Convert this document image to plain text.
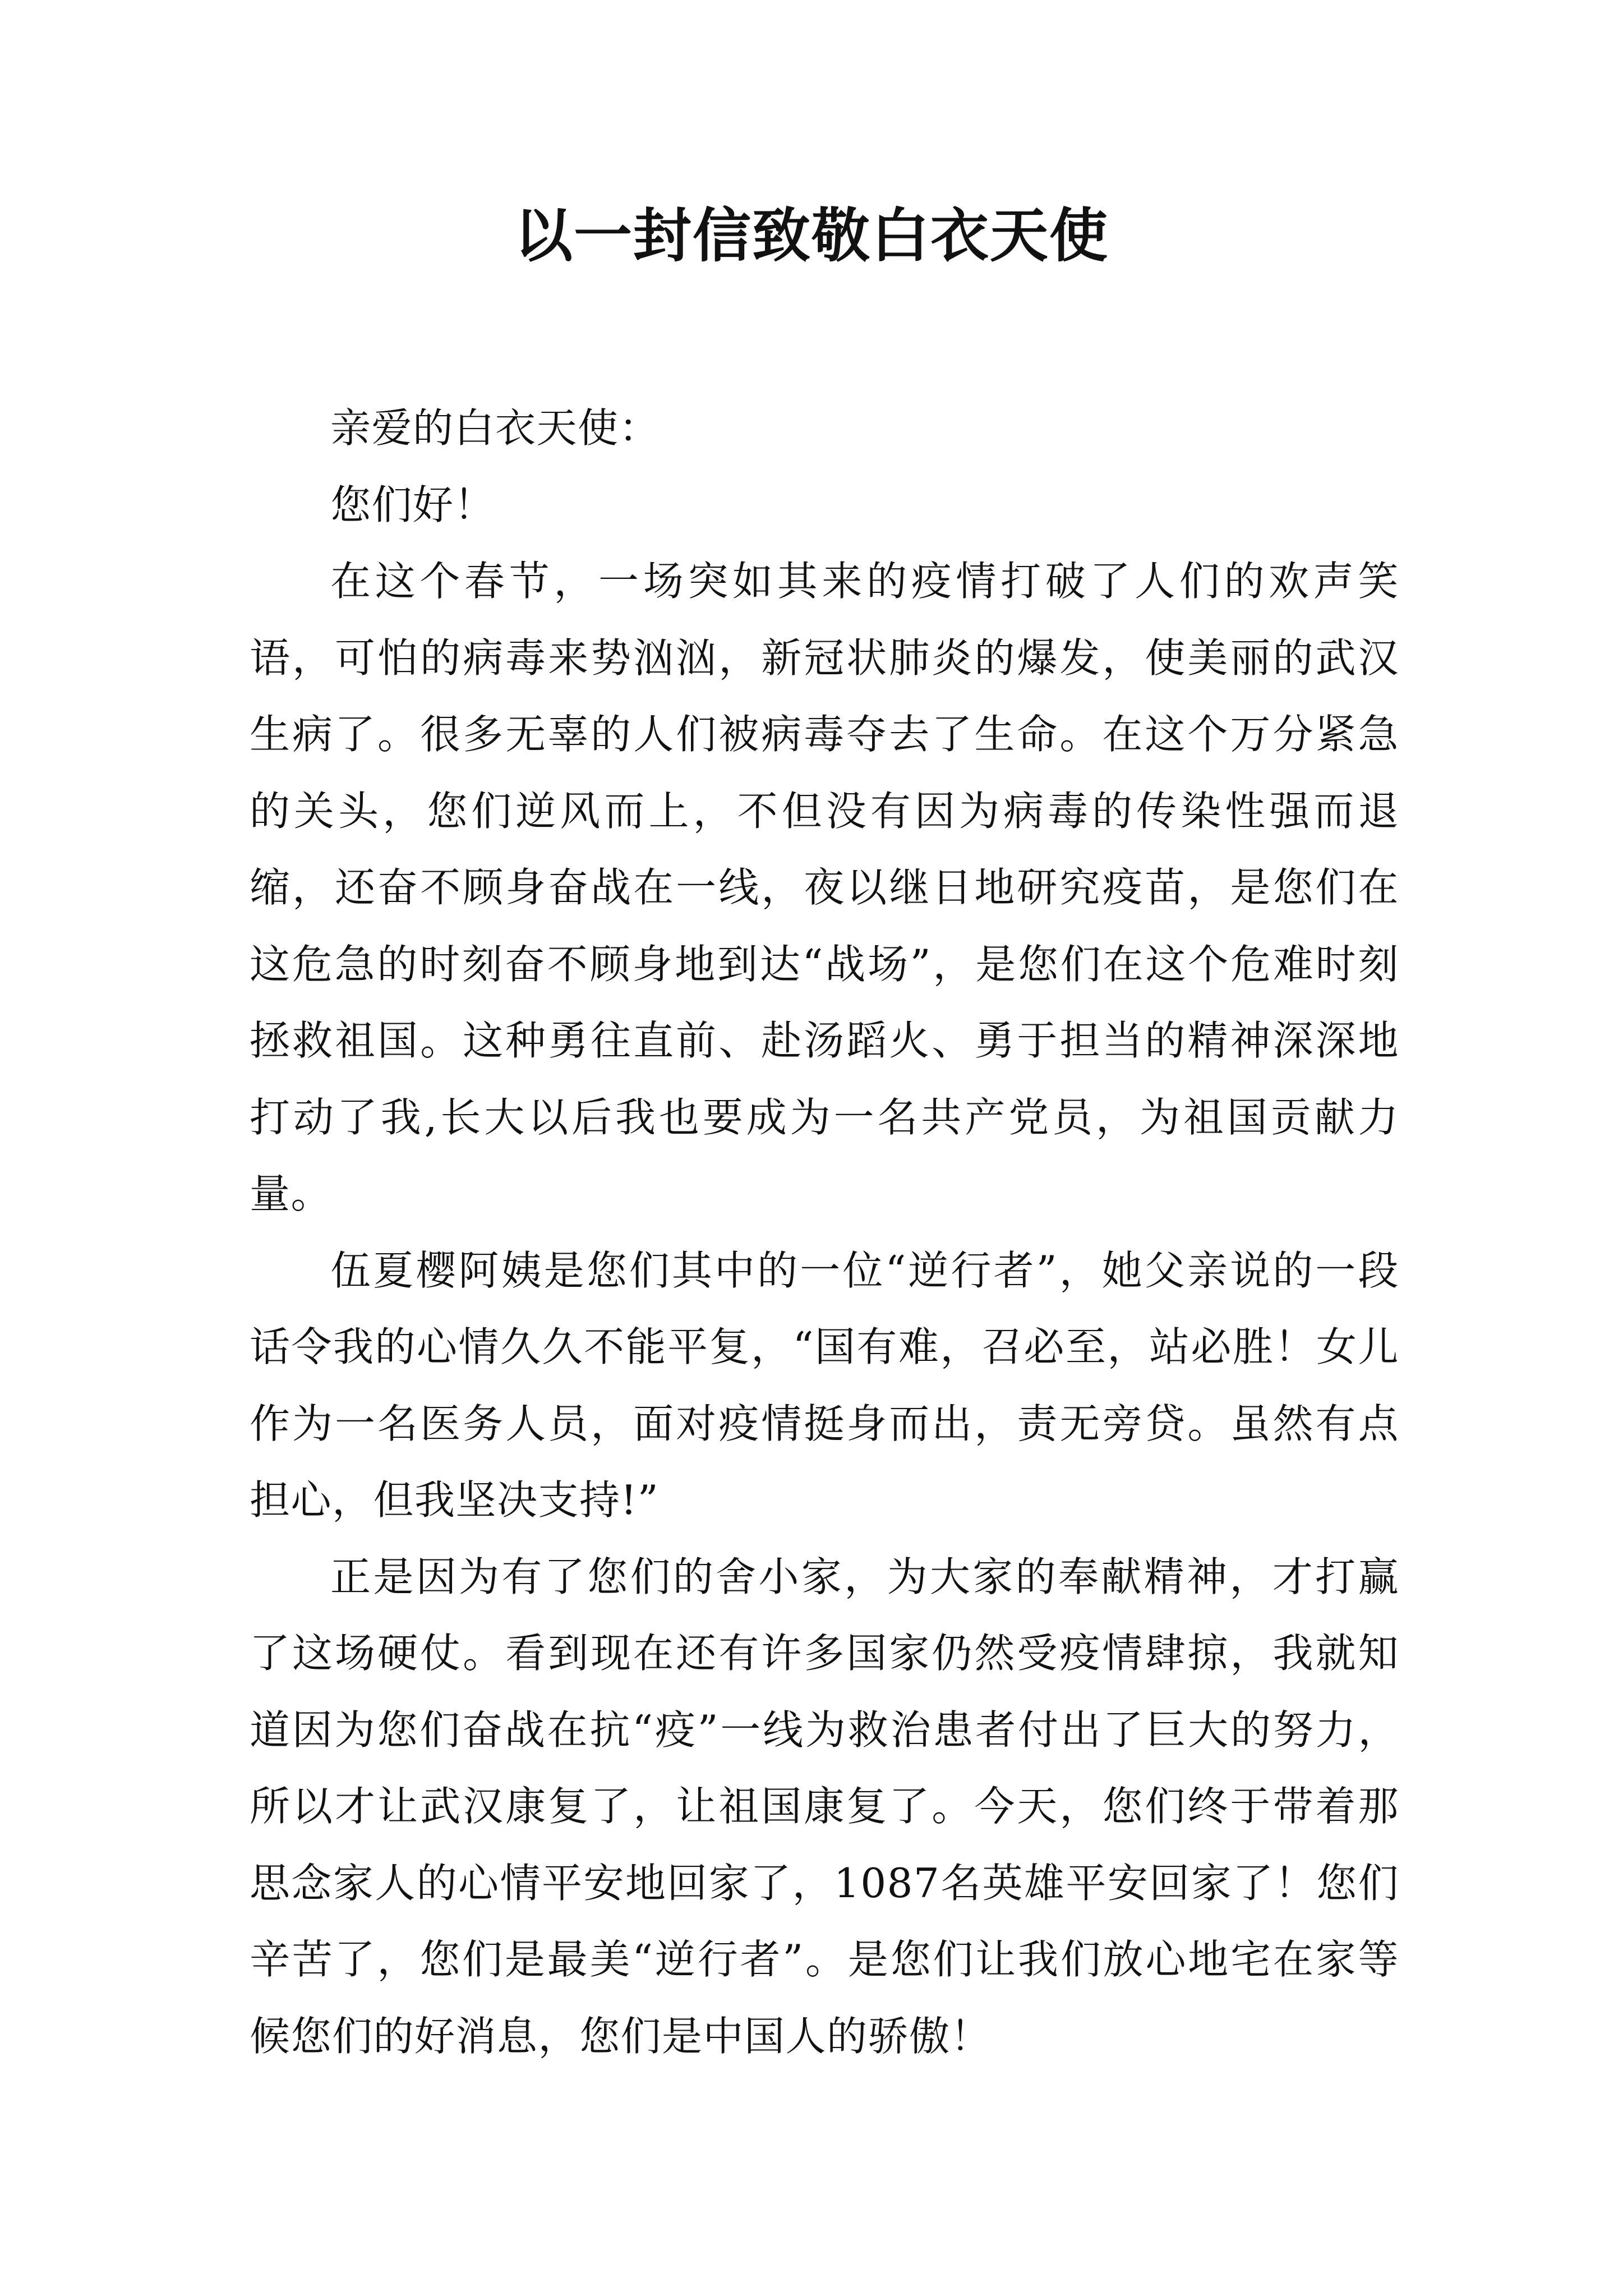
以一封信致敬白衣天使

亲爱的白衣天使：

您们好！

在这个春节，一场突如其来的疫情打破了人们的欢声笑语，可怕的病毒来势汹汹，新冠状肺炎的爆发，使美丽的武汉生病了。很多无辜的人们被病毒夺去了生命。在这个万分紧急的关头，您们逆风而上，不但没有因为病毒的传染性强而退缩，还奋不顾身奋战在一线，夜以继日地研究疫苗，是您们在这危急的时刻奋不顾身地到达“战场”，是您们在这个危难时刻拯救祖国。这种勇往直前、赴汤蹈火、勇于担当的精神深深地打动了我,长大以后我也要成为一名共产党员，为祖国贡献力量。

伍夏樱阿姨是您们其中的一位“逆行者”，她父亲说的一段话令我的心情久久不能平复，“国有难，召必至，站必胜！女儿作为一名医务人员，面对疫情挺身而出，责无旁贷。虽然有点担心，但我坚决支持!”

正是因为有了您们的舍小家，为大家的奉献精神，才打赢了这场硬仗。看到现在还有许多国家仍然受疫情肆掠，我就知道因为您们奋战在抗“疫”一线为救治患者付出了巨大的努力，所以才让武汉康复了，让祖国康复了。今天，您们终于带着那思念家人的心情平安地回家了，1087名英雄平安回家了！您们辛苦了，您们是最美“逆行者”。是您们让我们放心地宅在家等候您们的好消息，您们是中国人的骄傲！
